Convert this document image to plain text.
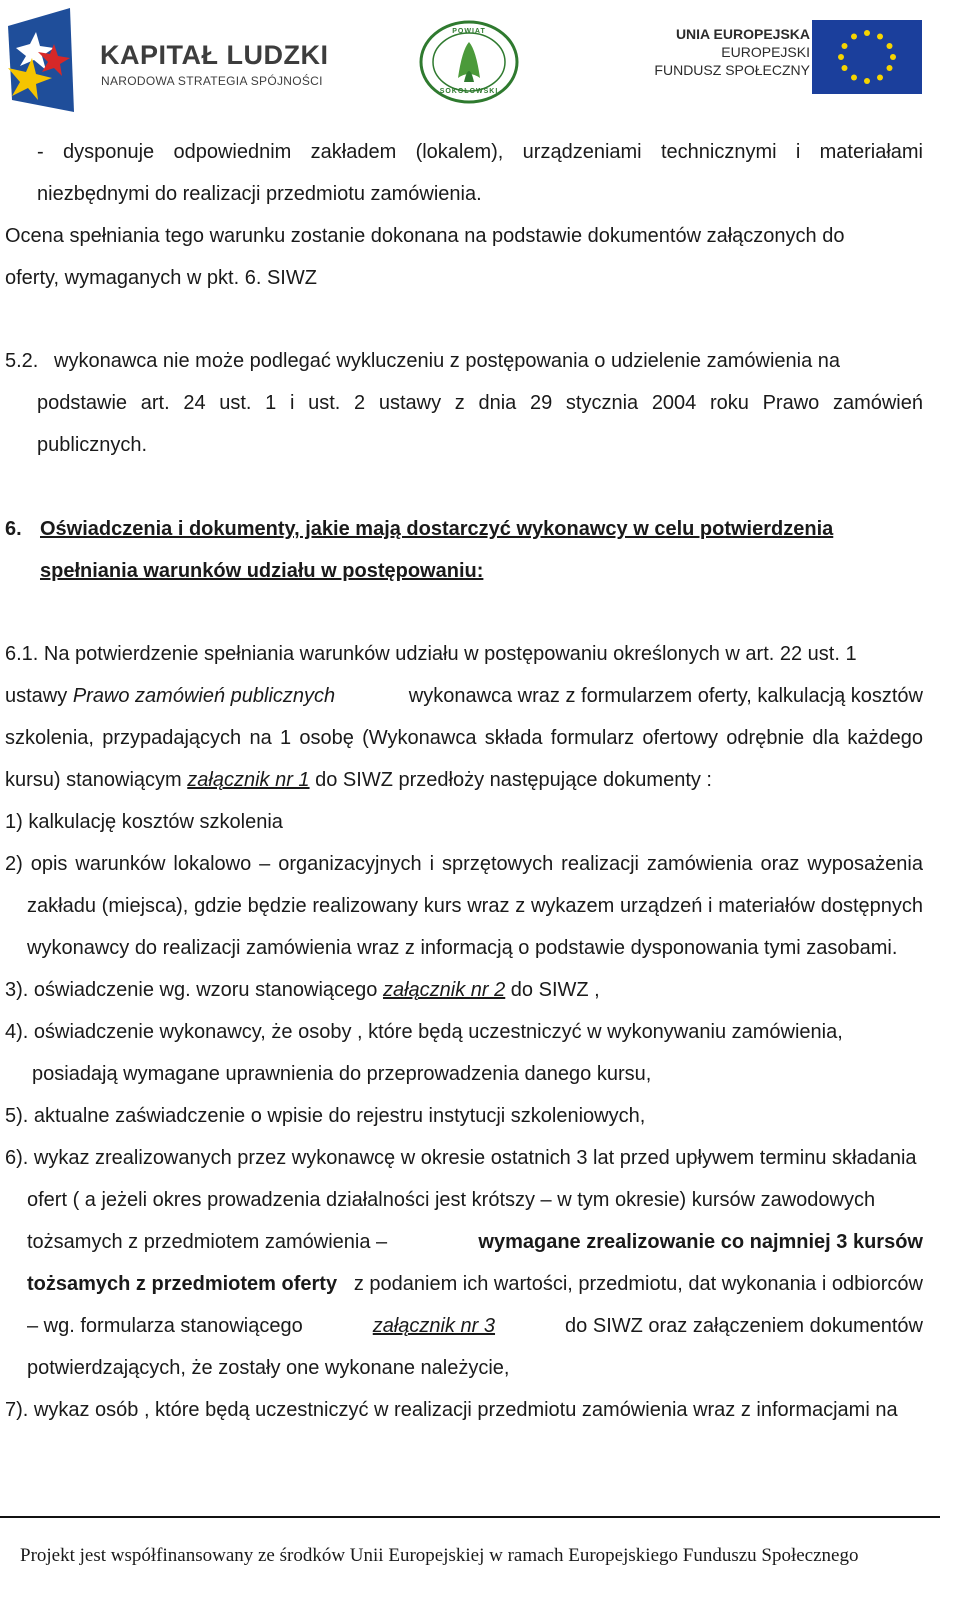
KAPITAŁ LUDZKI
NARODOWA STRATEGIA SPÓJNOŚCI
POWIAT
SOKOŁOWSKI
UNIA EUROPEJSKA
EUROPEJSKI
FUNDUSZ SPOŁECZNY
- dysponuje odpowiednim zakładem (lokalem), urządzeniami technicznymi i materiałami
niezbędnymi do realizacji przedmiotu zamówienia.
Ocena spełniania tego warunku zostanie dokonana na podstawie dokumentów załączonych do
oferty, wymaganych w pkt. 6. SIWZ
5.2. wykonawca nie może podlegać wykluczeniu z postępowania o udzielenie zamówienia na
podstawie art. 24 ust. 1 i ust. 2 ustawy z dnia 29 stycznia 2004 roku Prawo zamówień
publicznych.
6. Oświadczenia i dokumenty, jakie mają dostarczyć wykonawcy w celu potwierdzenia
spełniania warunków udziału w postępowaniu:
6.1. Na potwierdzenie spełniania warunków udziału w postępowaniu określonych w art. 22 ust. 1
ustawy Prawo zamówień publicznych	wykonawca wraz z formularzem oferty, kalkulacją kosztów
szkolenia, przypadających na 1 osobę (Wykonawca składa formularz ofertowy odrębnie dla każdego
kursu) stanowiącym załącznik nr 1 do SIWZ przedłoży następujące dokumenty :
1) kalkulację kosztów szkolenia
2) opis warunków lokalowo – organizacyjnych i sprzętowych realizacji zamówienia oraz wyposażenia
zakładu (miejsca), gdzie będzie realizowany kurs wraz z wykazem urządzeń i materiałów dostępnych
wykonawcy do realizacji zamówienia wraz z informacją o podstawie dysponowania tymi zasobami.
3). oświadczenie wg. wzoru stanowiącego załącznik nr 2 do SIWZ ,
4). oświadczenie wykonawcy, że osoby , które będą uczestniczyć w wykonywaniu zamówienia,
posiadają wymagane uprawnienia do przeprowadzenia danego kursu,
5). aktualne zaświadczenie o wpisie do rejestru instytucji szkoleniowych,
6). wykaz zrealizowanych przez wykonawcę w okresie ostatnich 3 lat przed upływem terminu składania
ofert ( a jeżeli okres prowadzenia działalności jest krótszy – w tym okresie) kursów zawodowych
tożsamych z przedmiotem zamówienia –	wymagane zrealizowanie co najmniej 3 kursów
tożsamych z przedmiotem oferty z podaniem ich wartości, przedmiotu, dat wykonania i odbiorców
– wg. formularza stanowiącego	załącznik nr 3	do SIWZ oraz załączeniem dokumentów
potwierdzających, że zostały one wykonane należycie,
7). wykaz osób , które będą uczestniczyć w realizacji przedmiotu zamówienia wraz z informacjami na
Projekt jest współfinansowany ze środków Unii Europejskiej w ramach Europejskiego Funduszu Społecznego
